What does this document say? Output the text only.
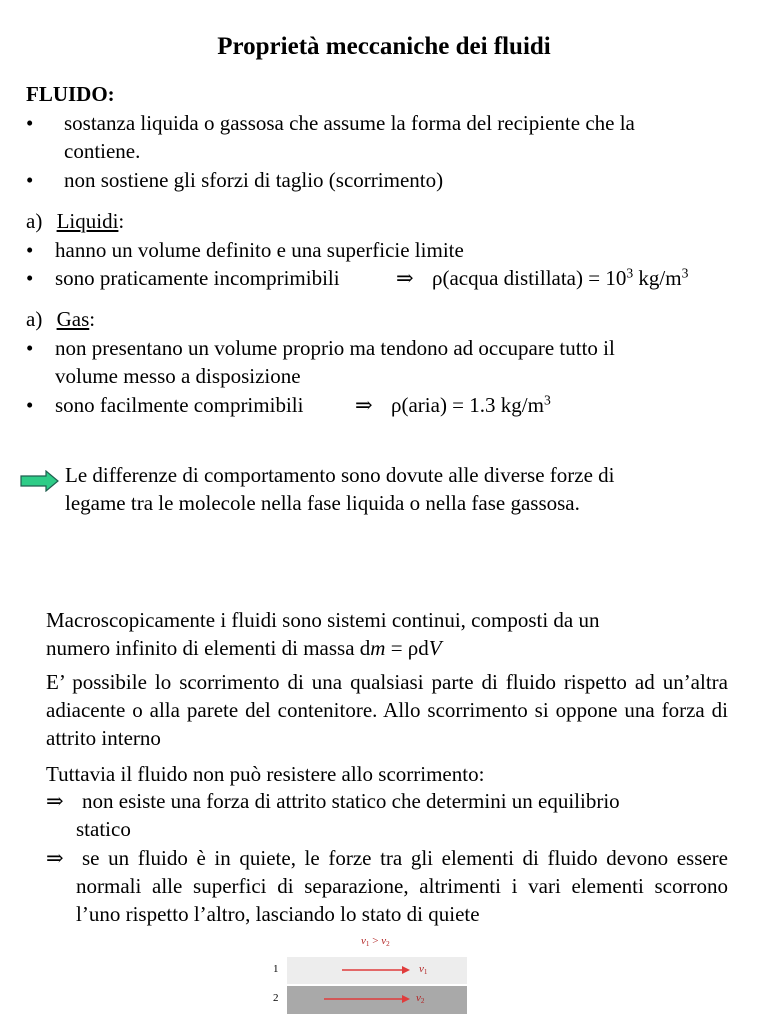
Proprietà meccaniche dei fluidi
FLUIDO:
• sostanza liquida o gassosa che assume la forma del recipiente che la
contiene.
• non sostiene gli sforzi di taglio (scorrimento)
a) Liquidi:
• hanno un volume definito e una superficie limite
• sono praticamente incomprimibili	⇒ ρ(acqua distillata) = $10^3$ $kg/m^3$
a) Gas:
• non presentano un volume proprio ma tendono ad occupare tutto il
volume messo a disposizione
• sono facilmente comprimibili ⇒ ρ(aria) = 1.3 $kg/m^3$
Le differenze di comportamento sono dovute alle diverse forze di
legame tra le molecole nella fase liquida o nella fase gassosa.
Macroscopicamente i fluidi sono sistemi continui, composti da un
numero infinito di elementi di massa dm = ρdV
E’ possibile lo scorrimento di una qualsiasi parte di fluido rispetto ad un’altra adiacente o alla parete del contenitore. Allo scorrimento si oppone una forza di attrito interno
Tuttavia il fluido non può resistere allo scorrimento:
⇒ non esiste una forza di attrito statico che determini un equilibrio
statico
⇒ se un fluido è in quiete, le forze tra gli elementi di fluido devono essere normali alle superfici di separazione, altrimenti i vari elementi scorrono l’uno rispetto l’altro, lasciando lo stato di quiete
$v_1 > v_2$
1
2
$v_1$
$v_2$
